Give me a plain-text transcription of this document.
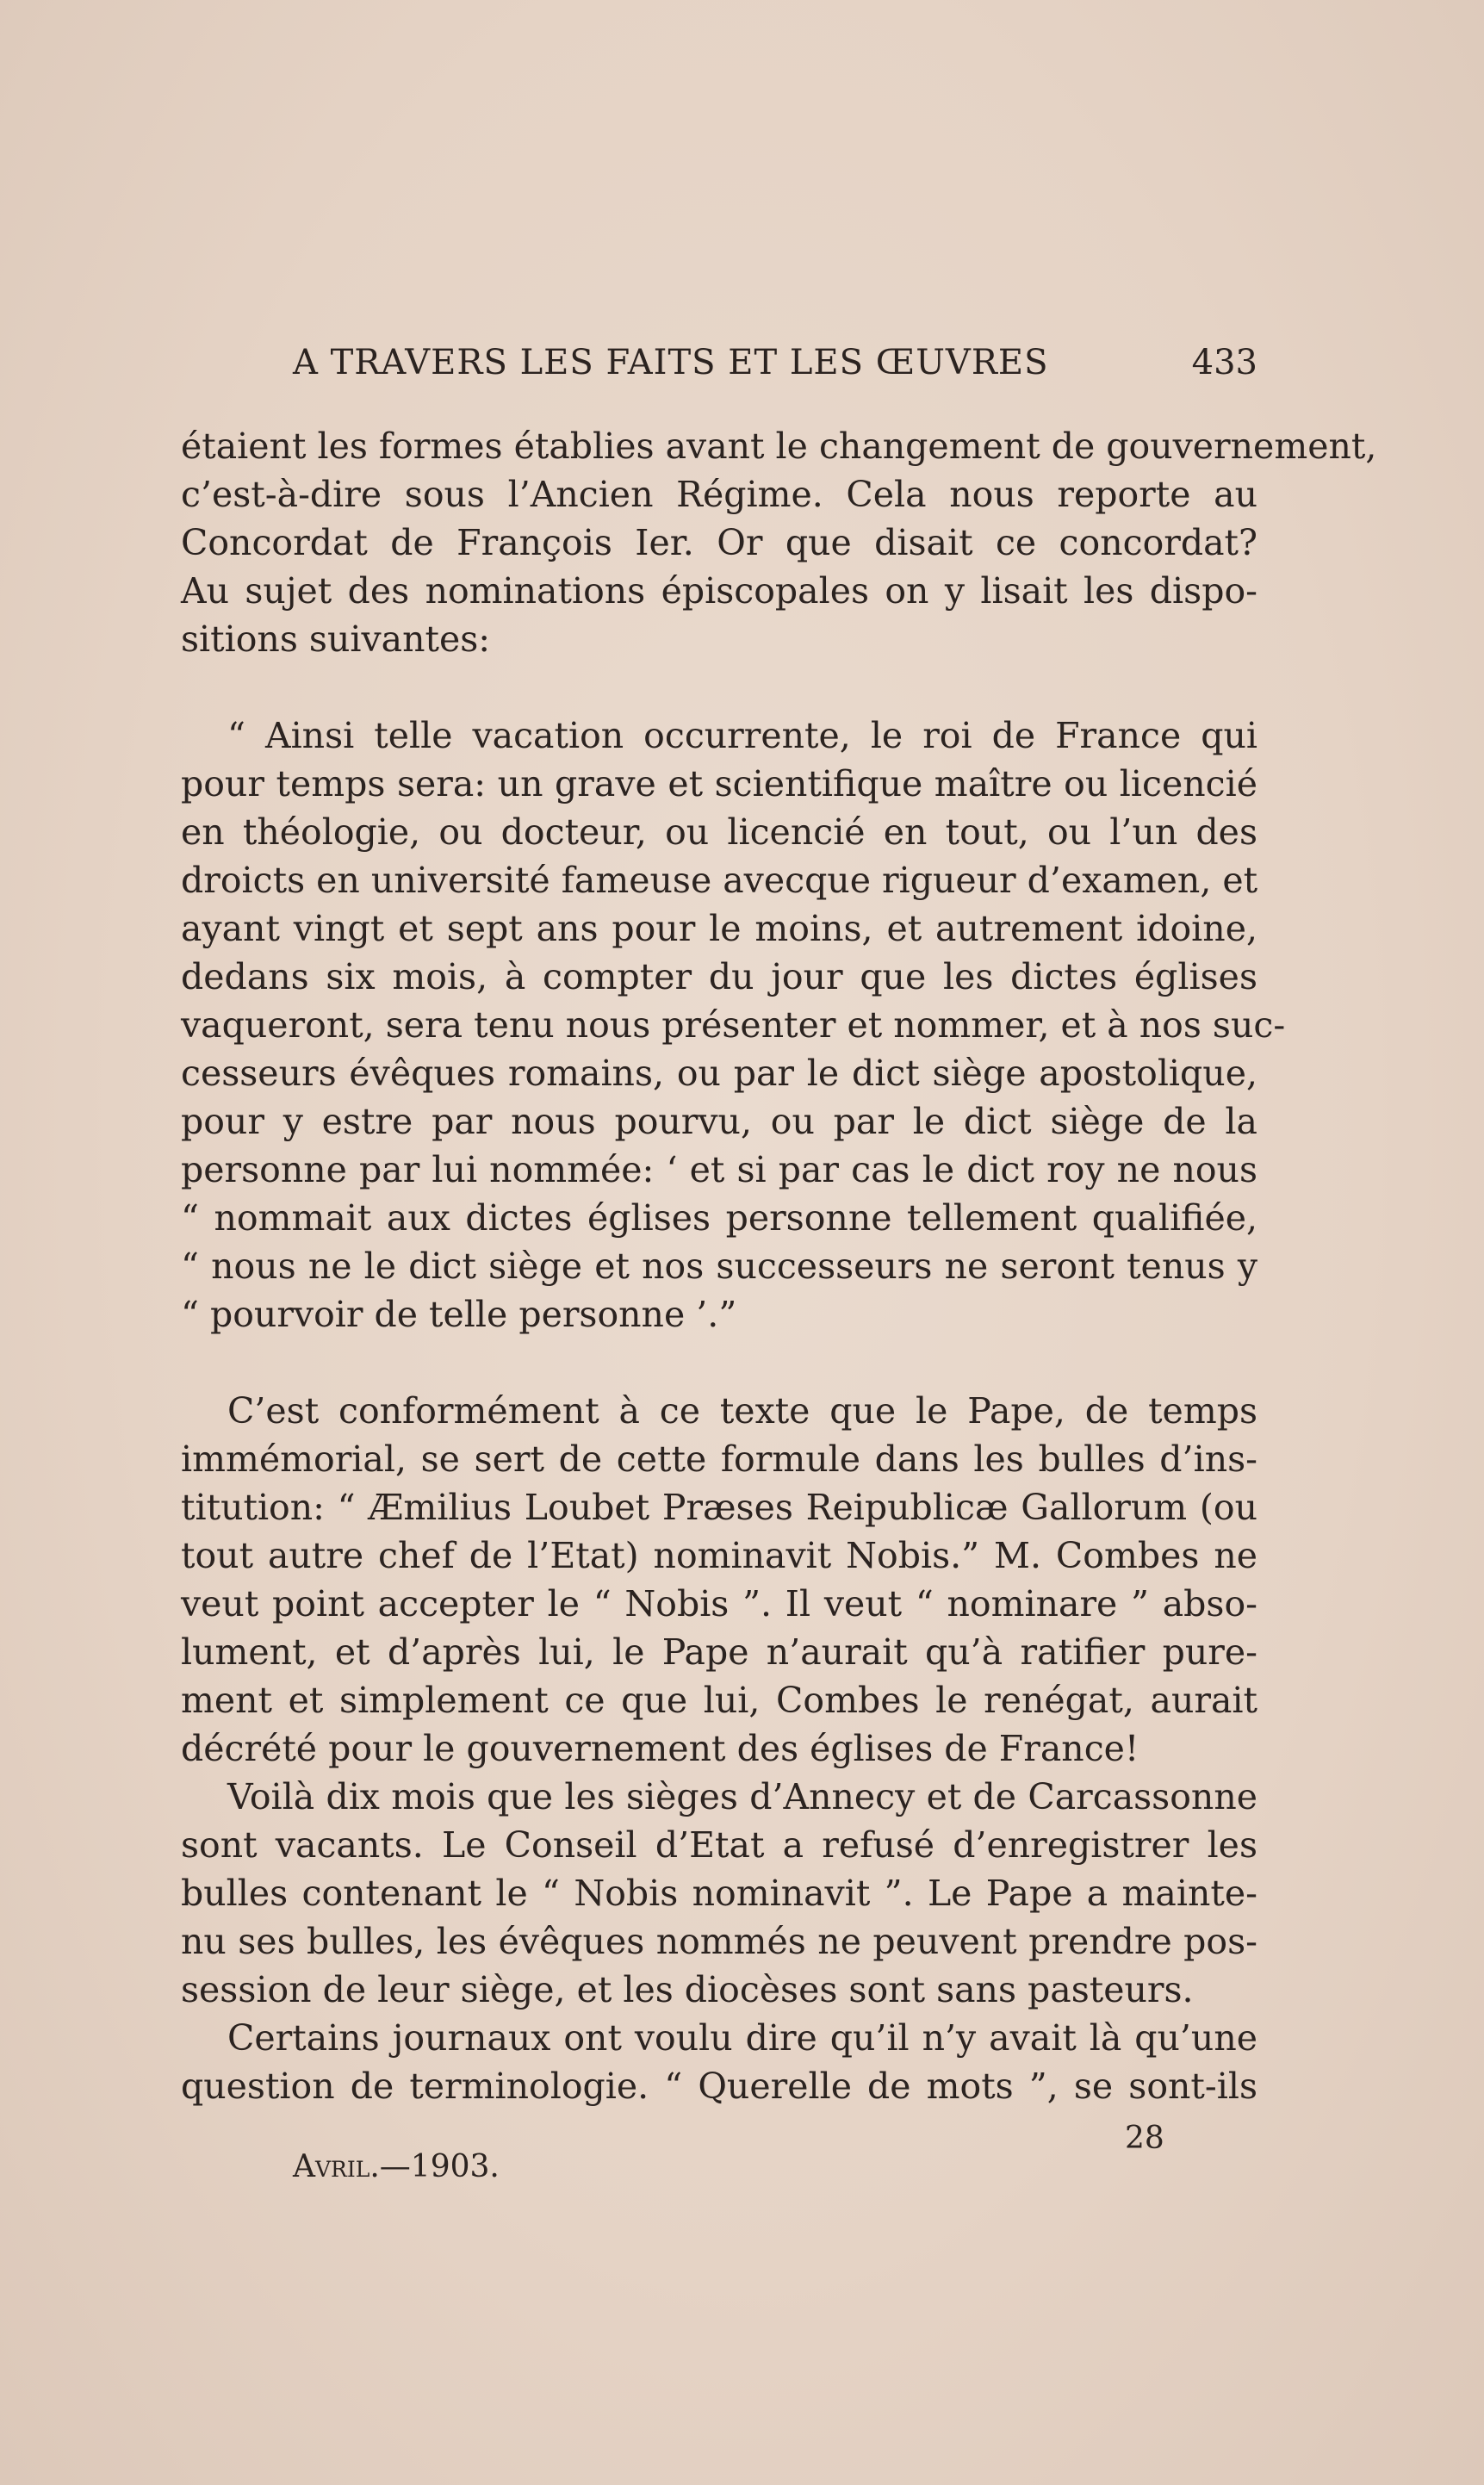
A TRAVERS LES FAITS ET LES ŒUVRES	433
étaient les formes établies avant le changement de gouvernement,
c’est-à-dire sous l’Ancien Régime. Cela nous reporte au
Concordat de François Ier. Or que disait ce concordat?
Au sujet des nominations épiscopales on y lisait les dispo-
sitions suivantes:
“ Ainsi telle vacation occurrente, le roi de France qui
pour temps sera: un grave et scientifique maître ou licencié
en théologie, ou docteur, ou licencié en tout, ou l’un des
droicts en université fameuse avecque rigueur d’examen, et
ayant vingt et sept ans pour le moins, et autrement idoine,
dedans six mois, à compter du jour que les dictes églises
vaqueront, sera tenu nous présenter et nommer, et à nos suc-
cesseurs évêques romains, ou par le dict siège apostolique,
pour y estre par nous pourvu, ou par le dict siège de la
personne par lui nommée: ‘ et si par cas le dict roy ne nous
“ nommait aux dictes églises personne tellement qualifiée,
“ nous ne le dict siège et nos successeurs ne seront tenus y
“ pourvoir de telle personne ’.”
C’est conformément à ce texte que le Pape, de temps
immémorial, se sert de cette formule dans les bulles d’ins-
titution: “ Æmilius Loubet Præses Reipublicæ Gallorum (ou
tout autre chef de l’Etat) nominavit Nobis.” M. Combes ne
veut point accepter le “ Nobis ”. Il veut “ nominare ” abso-
lument, et d’après lui, le Pape n’aurait qu’à ratifier pure-
ment et simplement ce que lui, Combes le renégat, aurait
décrété pour le gouvernement des églises de France!
Voilà dix mois que les sièges d’Annecy et de Carcassonne
sont vacants. Le Conseil d’Etat a refusé d’enregistrer les
bulles contenant le “ Nobis nominavit ”. Le Pape a mainte-
nu ses bulles, les évêques nommés ne peuvent prendre pos-
session de leur siège, et les diocèses sont sans pasteurs.
Certains journaux ont voulu dire qu’il n’y avait là qu’une
question de terminologie. “ Querelle de mots ”, se sont-ils
28
Avril.—1903.
